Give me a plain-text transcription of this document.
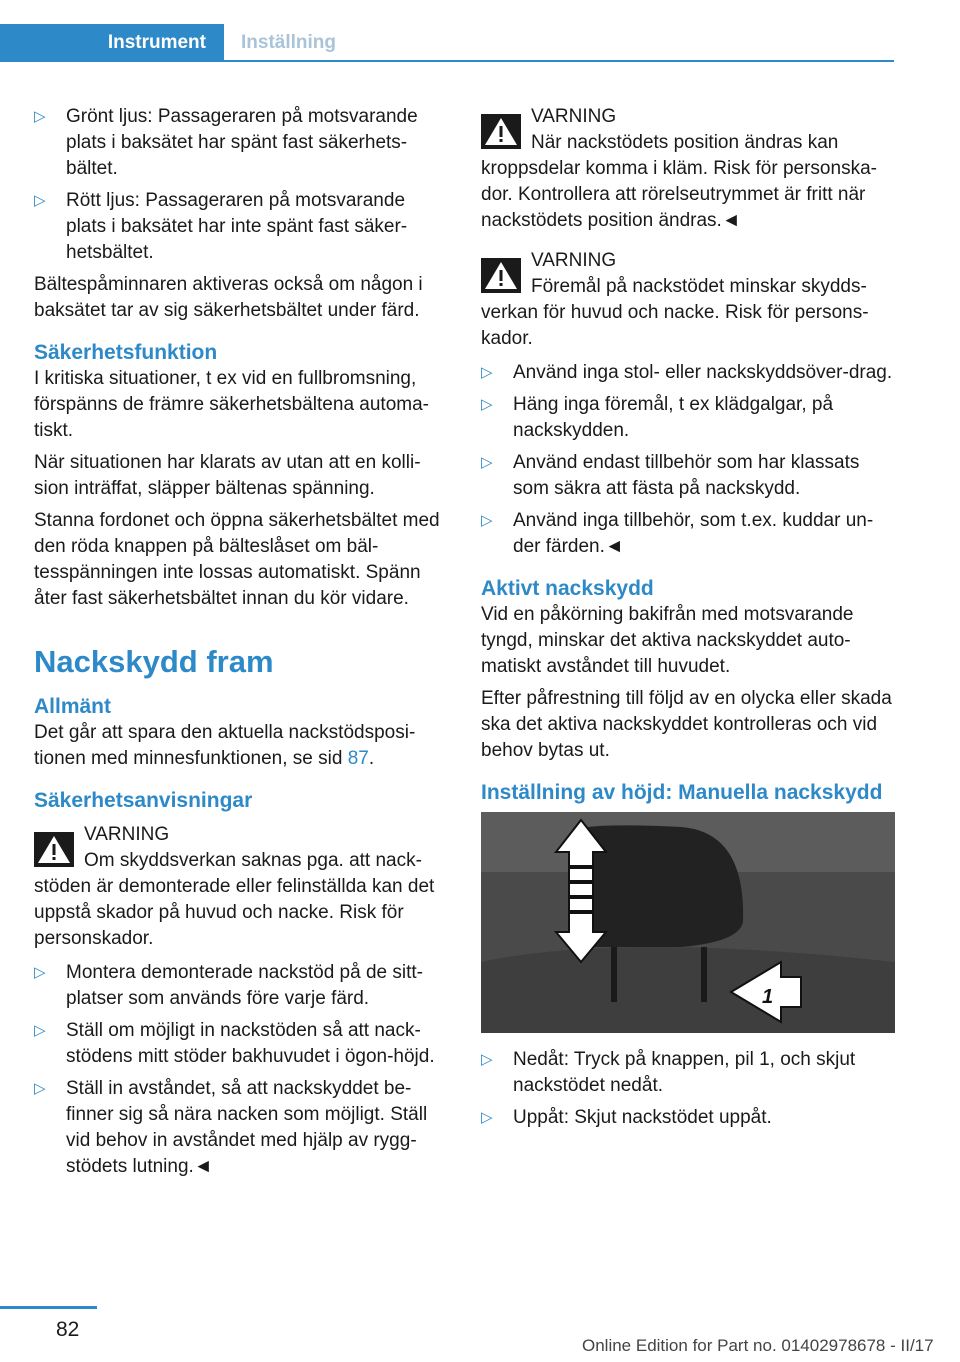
Instrument	Inställning
▷ Grönt ljus: Passageraren på motsvarande plats i baksätet har spänt fast säkerhets‐bältet.
▷ Rött ljus: Passageraren på motsvarande plats i baksätet har inte spänt fast säker‐hetsbältet.

Bältespåminnaren aktiveras också om någon i baksätet tar av sig säkerhetsbältet under färd.

Säkerhetsfunktion

I kritiska situationer, t ex vid en fullbromsning, förspänns de främre säkerhetsbältena automa‐tiskt.

När situationen har klarats av utan att en kolli‐sion inträffat, släpper bältenas spänning.

Stanna fordonet och öppna säkerhetsbältet med den röda knappen på bälteslåset om bäl‐tesspänningen inte lossas automatiskt. Spänn åter fast säkerhetsbältet innan du kör vidare.

Nackskydd fram
Allmänt

Det går att spara den aktuella nackstödsposi‐tionen med minnesfunktionen, se sid 87.

Säkerhetsanvisningar
VARNING
Om skyddsverkan saknas pga. att nack‐
stöden är demonterade eller felinställda kan det uppstå skador på huvud och nacke. Risk för personskador.
▷ Montera demonterade nackstöd på de sitt‐platser som används före varje färd.
▷ Ställ om möjligt in nackstöden så att nack‐stödens mitt stöder bakhuvudet i ögon‐höjd.
▷ Ställ in avståndet, så att nackskyddet be‐finner sig så nära nacken som möjligt. Ställ vid behov in avståndet med hjälp av rygg‐stödets lutning.◄
VARNING
När nackstödets position ändras kan
kroppsdelar komma i kläm. Risk för personska‐dor. Kontrollera att rörelseutrymmet är fritt när nackstödets position ändras.◄
VARNING
Föremål på nackstödet minskar skydds‐
verkan för huvud och nacke. Risk för persons‐kador.
▷ Använd inga stol- eller nackskyddsöver‐drag.
▷ Häng inga föremål, t ex klädgalgar, på nackskydden.
▷ Använd endast tillbehör som har klassats som säkra att fästa på nackskydd.
▷ Använd inga tillbehör, som t.ex. kuddar un‐der färden.◄
Aktivt nackskydd

Vid en påkörning bakifrån med motsvarande tyngd, minskar det aktiva nackskyddet auto‐matiskt avståndet till huvudet.

Efter påfrestning till följd av en olycka eller skada ska det aktiva nackskyddet kontrolleras och vid behov bytas ut.

Inställning av höjd: Manuella nackskydd
1
▷ Nedåt: Tryck på knappen, pil 1, och skjut nackstödet nedåt.
▷ Uppåt: Skjut nackstödet uppåt.
82
Online Edition for Part no. 01402978678 - II/17
